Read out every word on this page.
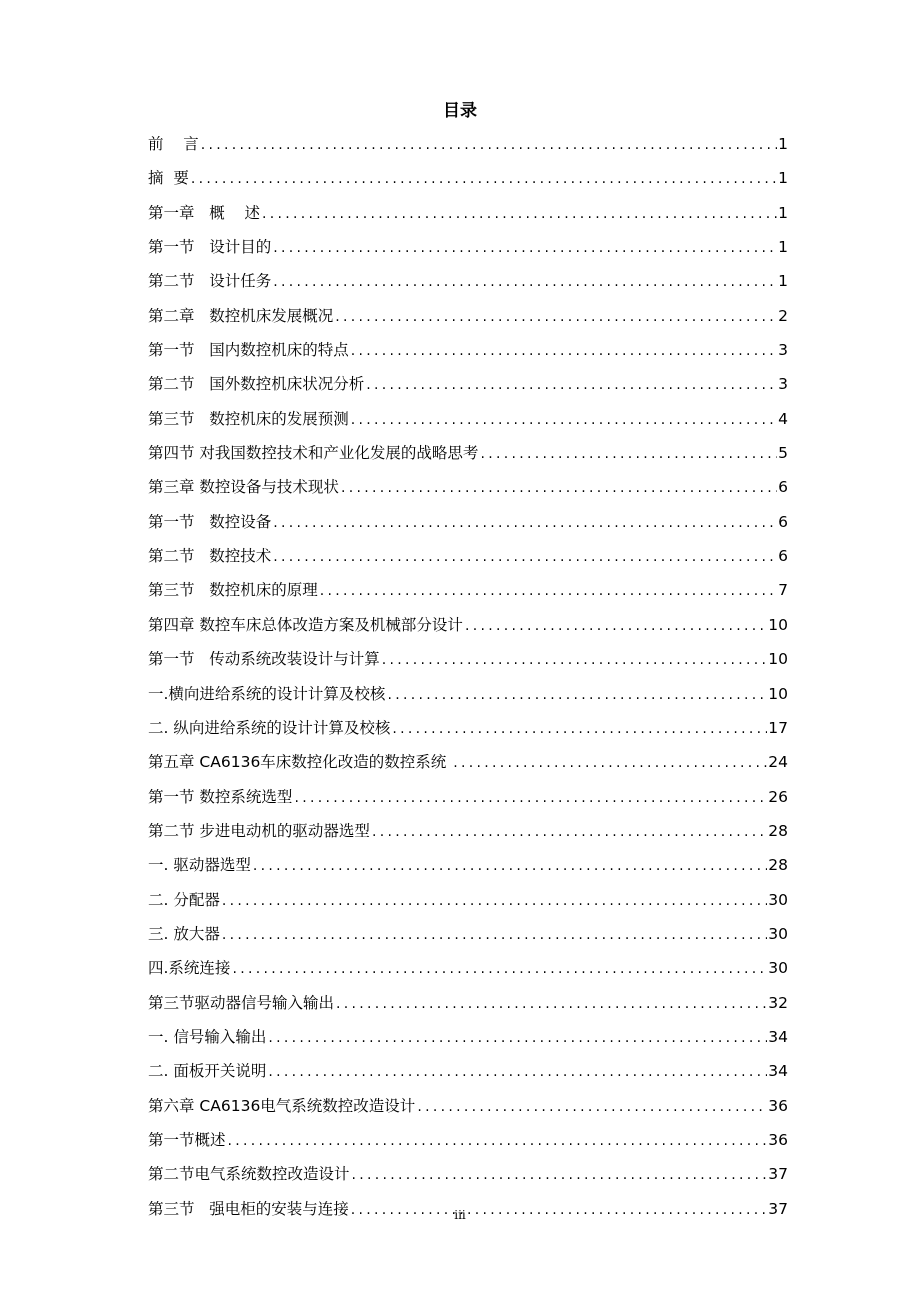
目录
前    言 .....	1
摘  要 .....	1
第一章   概    述 .....	1
第一节   设计目的 .....	1
第二节   设计任务 .....	1
第二章   数控机床发展概况 .....	2
第一节   国内数控机床的特点 .....	3
第二节   国外数控机床状况分析 .....	3
第三节   数控机床的发展预测 .....	4
第四节 对我国数控技术和产业化发展的战略思考 .....	5
第三章 数控设备与技术现状 .....	6
第一节   数控设备 .....	6
第二节   数控技术 .....	6
第三节   数控机床的原理 .....	7
第四章 数控车床总体改造方案及机械部分设计 .....	10
第一节   传动系统改装设计与计算 .....	10
一.横向进给系统的设计计算及校核 .....	10
二. 纵向进给系统的设计计算及校核 .....	17
第五章 CA6136车床数控化改造的数控系统 .....	24
第一节 数控系统选型 .....	26
第二节 步进电动机的驱动器选型 .....	28
一. 驱动器选型 .....	28
二. 分配器 .....	30
三. 放大器 .....	30
四.系统连接 .....	30
第三节驱动器信号输入输出 .....	32
一. 信号输入输出 .....	34
二. 面板开关说明 .....	34
第六章 CA6136电气系统数控改造设计 .....	36
第一节概述 .....	36
第二节电气系统数控改造设计 .....	37
第三节   强电柜的安装与连接 .....	37
iii
